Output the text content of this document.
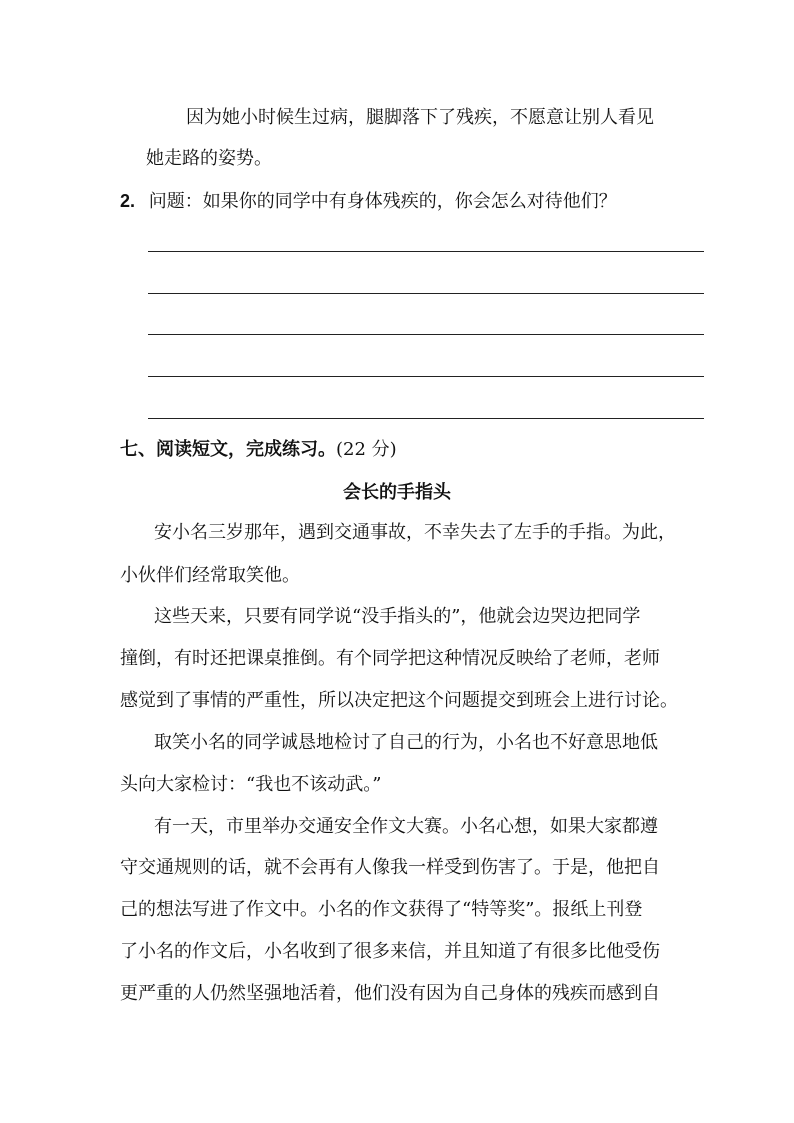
因为她小时候生过病，腿脚落下了残疾，不愿意让别人看见
她走路的姿势。
2. 问题：如果你的同学中有身体残疾的，你会怎么对待他们？
七、阅读短文，完成练习。(22 分)
会长的手指头
安小名三岁那年，遇到交通事故，不幸失去了左手的手指。为此，
小伙伴们经常取笑他。
这些天来，只要有同学说“没手指头的”，他就会边哭边把同学
撞倒，有时还把课桌推倒。有个同学把这种情况反映给了老师，老师
感觉到了事情的严重性，所以决定把这个问题提交到班会上进行讨论。
取笑小名的同学诚恳地检讨了自己的行为，小名也不好意思地低
头向大家检讨：“我也不该动武。”
有一天，市里举办交通安全作文大赛。小名心想，如果大家都遵
守交通规则的话，就不会再有人像我一样受到伤害了。于是，他把自
己的想法写进了作文中。小名的作文获得了“特等奖”。报纸上刊登
了小名的作文后，小名收到了很多来信，并且知道了有很多比他受伤
更严重的人仍然坚强地活着，他们没有因为自己身体的残疾而感到自
